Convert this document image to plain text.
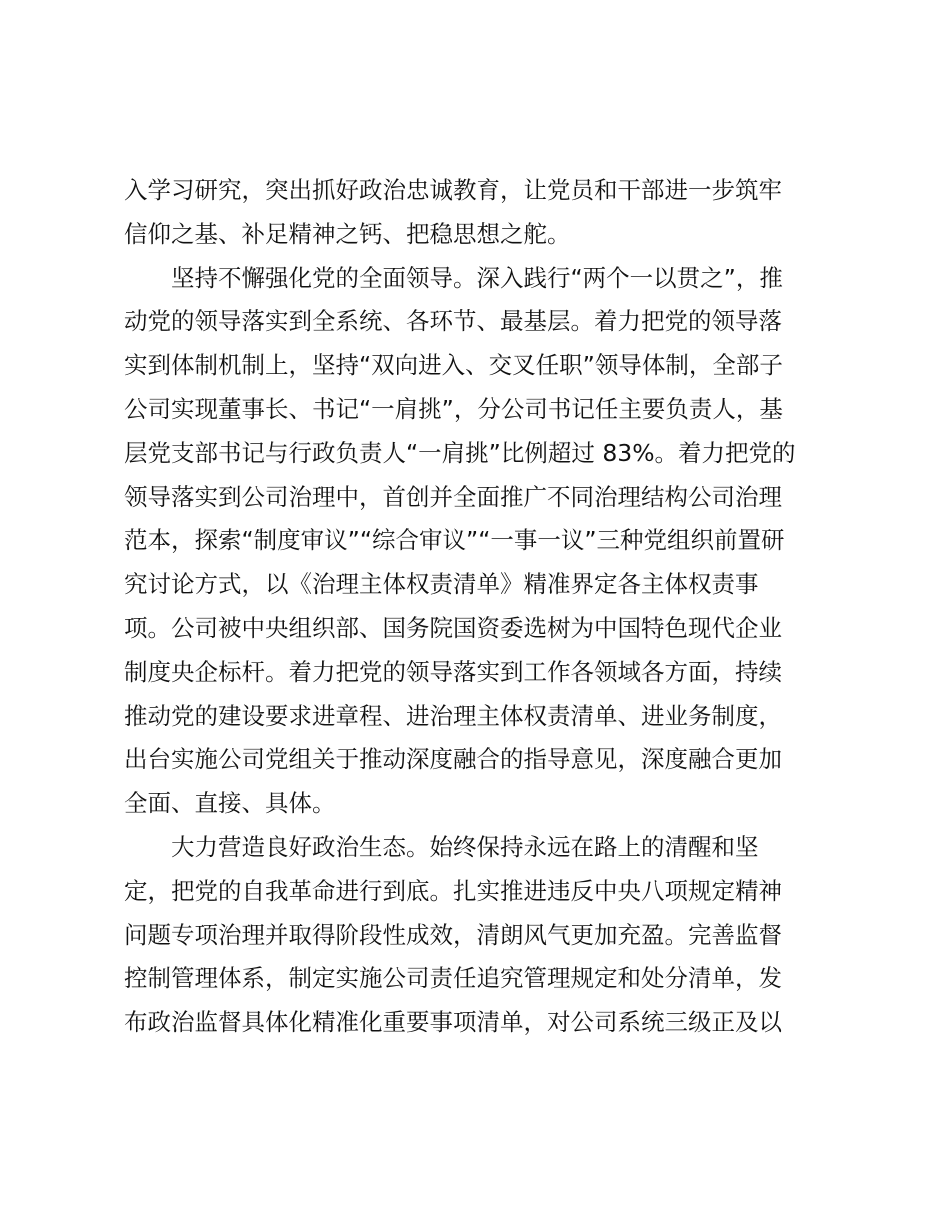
入学习研究，突出抓好政治忠诚教育，让党员和干部进一步筑牢
信仰之基、补足精神之钙、把稳思想之舵。
坚持不懈强化党的全面领导。深入践行“两个一以贯之”，推
动党的领导落实到全系统、各环节、最基层。着力把党的领导落
实到体制机制上，坚持“双向进入、交叉任职”领导体制，全部子
公司实现董事长、书记“一肩挑”，分公司书记任主要负责人，基
层党支部书记与行政负责人“一肩挑”比例超过 83%。着力把党的
领导落实到公司治理中，首创并全面推广不同治理结构公司治理
范本，探索“制度审议”“综合审议”“一事一议”三种党组织前置研
究讨论方式，以《治理主体权责清单》精准界定各主体权责事
项。公司被中央组织部、国务院国资委选树为中国特色现代企业
制度央企标杆。着力把党的领导落实到工作各领域各方面，持续
推动党的建设要求进章程、进治理主体权责清单、进业务制度，
出台实施公司党组关于推动深度融合的指导意见，深度融合更加
全面、直接、具体。
大力营造良好政治生态。始终保持永远在路上的清醒和坚
定，把党的自我革命进行到底。扎实推进违反中央八项规定精神
问题专项治理并取得阶段性成效，清朗风气更加充盈。完善监督
控制管理体系，制定实施公司责任追究管理规定和处分清单，发
布政治监督具体化精准化重要事项清单，对公司系统三级正及以
